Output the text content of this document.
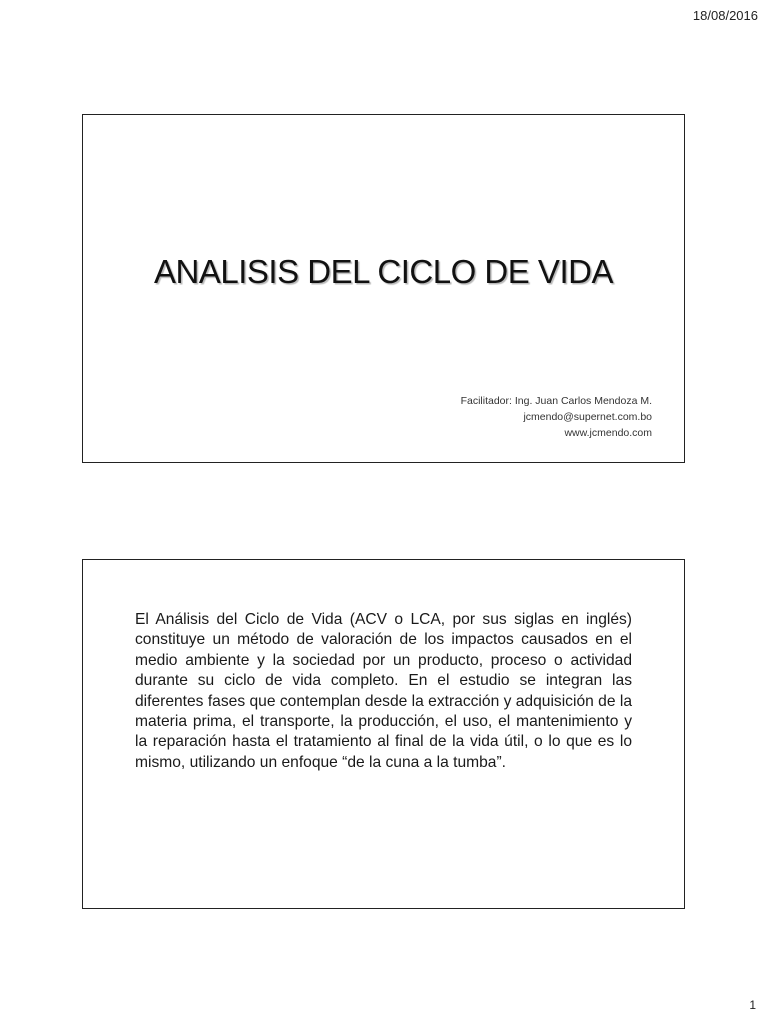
18/08/2016
ANALISIS DEL CICLO DE VIDA
Facilitador: Ing. Juan Carlos Mendoza M.
jcmendo@supernet.com.bo
www.jcmendo.com
El Análisis del Ciclo de Vida (ACV o LCA, por sus siglas en inglés) constituye un método de valoración de los impactos causados en el medio ambiente y la sociedad por un producto, proceso o actividad durante su ciclo de vida completo. En el estudio se integran las diferentes fases que contemplan desde la extracción y adquisición de la materia prima, el transporte, la producción, el uso, el mantenimiento y la reparación hasta el tratamiento al final de la vida útil, o lo que es lo mismo, utilizando un enfoque “de la cuna a la tumba”.
1
